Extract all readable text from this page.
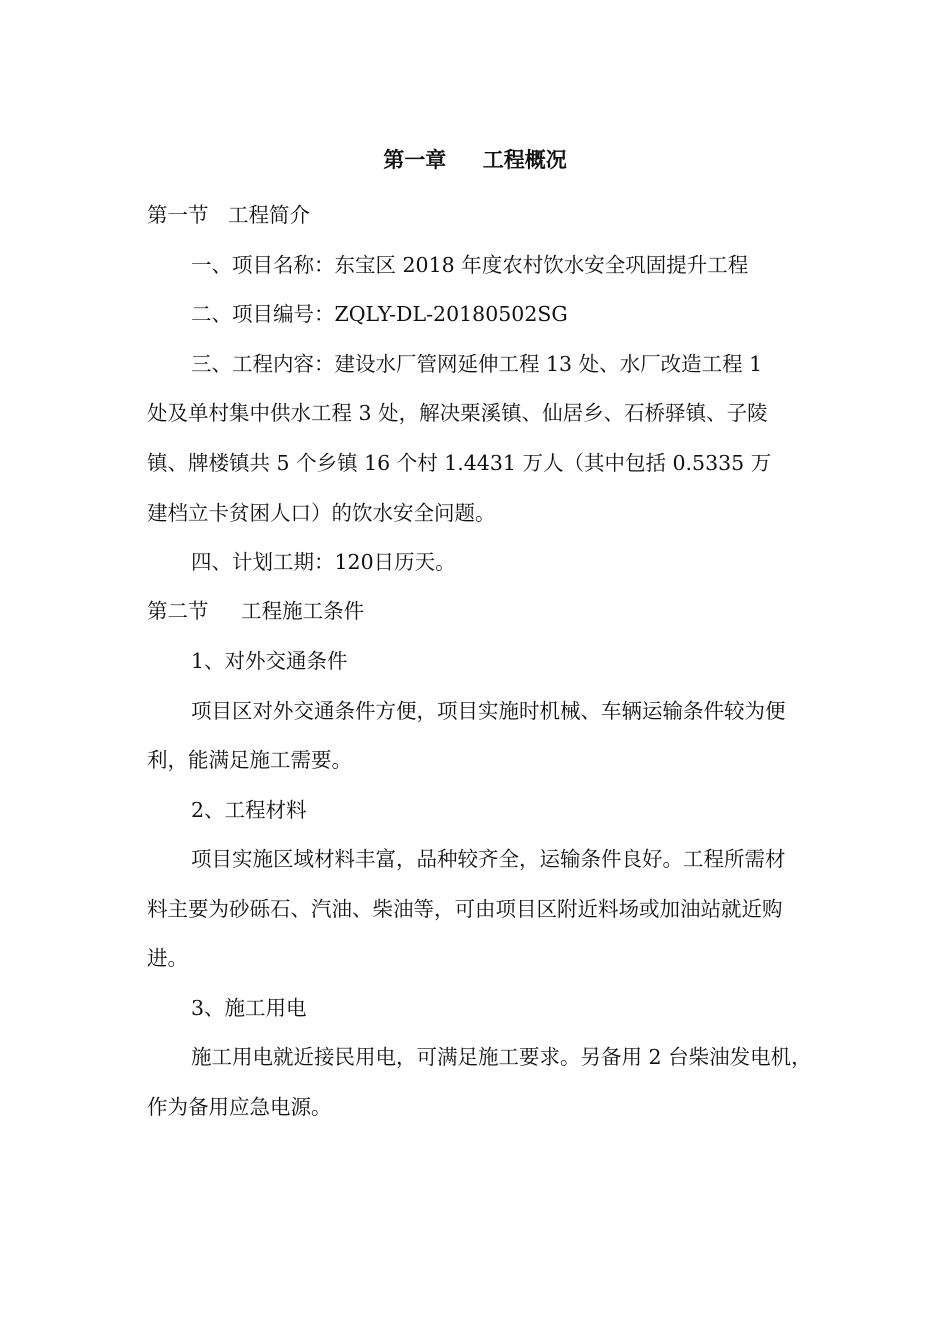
第一章     工程概况
第一节   工程简介
一、项目名称：东宝区 2018 年度农村饮水安全巩固提升工程
二、项目编号：ZQLY-DL-20180502SG
三、工程内容：建设水厂管网延伸工程 13 处、水厂改造工程 1
处及单村集中供水工程 3 处，解决栗溪镇、仙居乡、石桥驿镇、子陵
镇、牌楼镇共 5 个乡镇 16 个村 1.4431 万人（其中包括 0.5335 万
建档立卡贫困人口）的饮水安全问题。
四、计划工期：120日历天。
第二节     工程施工条件
1、对外交通条件
项目区对外交通条件方便，项目实施时机械、车辆运输条件较为便
利，能满足施工需要。
2、工程材料
项目实施区域材料丰富，品种较齐全，运输条件良好。工程所需材
料主要为砂砾石、汽油、柴油等，可由项目区附近料场或加油站就近购
进。
3、施工用电
施工用电就近接民用电，可满足施工要求。另备用 2 台柴油发电机，
作为备用应急电源。
